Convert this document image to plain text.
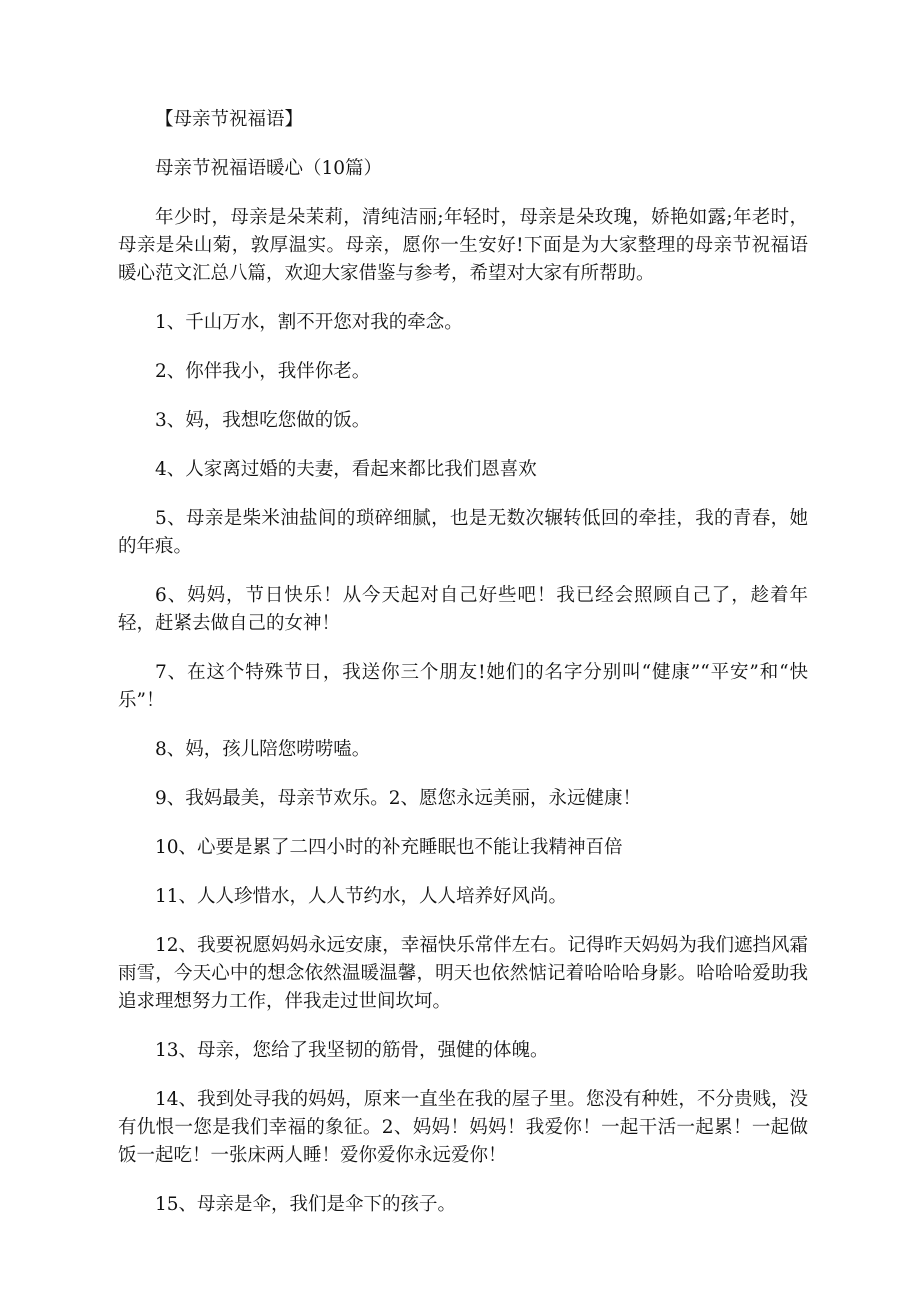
【母亲节祝福语】

母亲节祝福语暖心（10篇）

年少时，母亲是朵茉莉，清纯洁丽;年轻时，母亲是朵玫瑰，娇艳如露;年老时，母亲是朵山菊，敦厚温实。母亲，愿你一生安好!下面是为大家整理的母亲节祝福语暖心范文汇总八篇，欢迎大家借鉴与参考，希望对大家有所帮助。

1、千山万水，割不开您对我的牵念。

2、你伴我小，我伴你老。

3、妈，我想吃您做的饭。

4、人家离过婚的夫妻，看起来都比我们恩喜欢

5、母亲是柴米油盐间的琐碎细腻，也是无数次辗转低回的牵挂，我的青春，她的年痕。

6、妈妈，节日快乐！从今天起对自己好些吧！我已经会照顾自己了，趁着年轻，赶紧去做自己的女神！

7、在这个特殊节日，我送你三个朋友!她们的名字分别叫“健康”“平安”和“快乐”！

8、妈，孩儿陪您唠唠嗑。

9、我妈最美，母亲节欢乐。2、愿您永远美丽，永远健康！

10、心要是累了二四小时的补充睡眠也不能让我精神百倍

11、人人珍惜水，人人节约水，人人培养好风尚。

12、我要祝愿妈妈永远安康，幸福快乐常伴左右。记得昨天妈妈为我们遮挡风霜雨雪，今天心中的想念依然温暖温馨，明天也依然惦记着哈哈哈身影。哈哈哈爱助我追求理想努力工作，伴我走过世间坎坷。

13、母亲，您给了我坚韧的筋骨，强健的体魄。

14、我到处寻我的妈妈，原来一直坐在我的屋子里。您没有种姓，不分贵贱，没有仇恨一您是我们幸福的象征。2、妈妈！妈妈！我爱你！一起干活一起累！一起做饭一起吃！一张床两人睡！爱你爱你永远爱你！

15、母亲是伞，我们是伞下的孩子。
